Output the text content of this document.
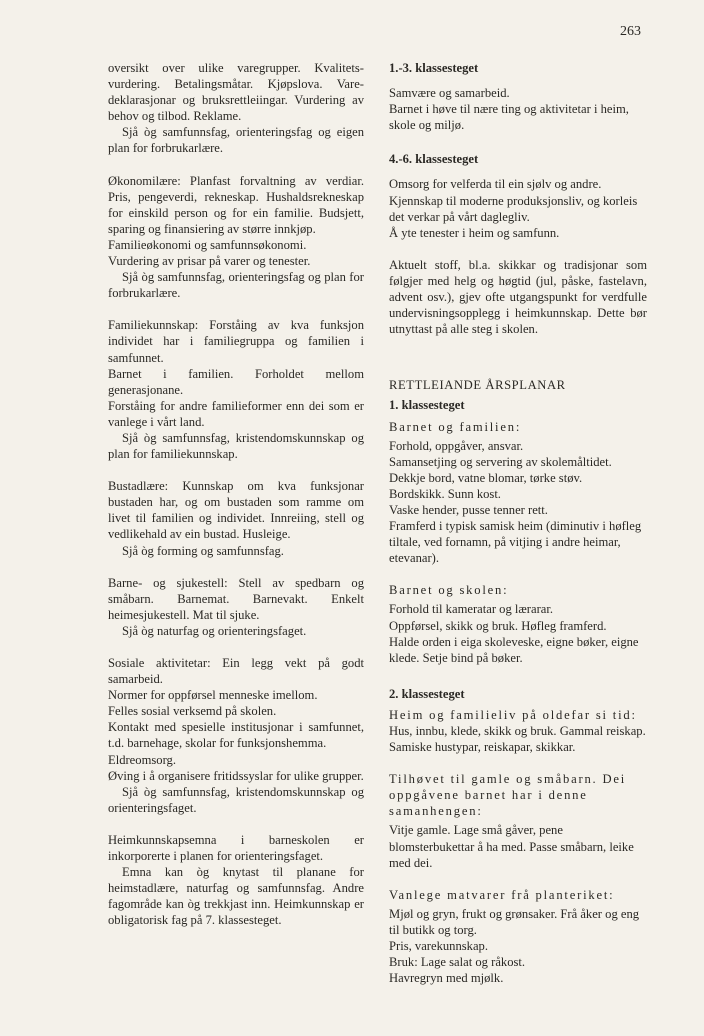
263

oversikt over ulike varegrupper. Kvalitets-vurdering. Betalingsmåtar. Kjøpslova. Vare-deklarasjonar og bruksrettleiingar. Vurdering av behov og tilbod. Reklame.

Sjå òg samfunnsfag, orienteringsfag og eigen plan for forbrukarlære.

Økonomilære: Planfast forvaltning av verdiar. Pris, pengeverdi, rekneskap. Hushaldsrekneskap for einskild person og for ein familie. Budsjett, sparing og finansiering av større innkjøp.

Familieøkonomi og samfunnsøkonomi.

Vurdering av prisar på varer og tenester.

Sjå òg samfunnsfag, orienteringsfag og plan for forbrukarlære.

Familiekunnskap: Forståing av kva funksjon individet har i familiegruppa og familien i samfunnet.

Barnet i familien. Forholdet mellom generasjonane.

Forståing for andre familieformer enn dei som er vanlege i vårt land.

Sjå òg samfunnsfag, kristendomskunnskap og plan for familiekunnskap.

Bustadlære: Kunnskap om kva funksjonar bustaden har, og om bustaden som ramme om livet til familien og individet. Innreiing, stell og vedlikehald av ein bustad. Husleige.

Sjå òg forming og samfunnsfag.

Barne- og sjukestell: Stell av spedbarn og småbarn. Barnemat. Barnevakt. Enkelt heimesjukestell. Mat til sjuke.

Sjå òg naturfag og orienteringsfaget.

Sosiale aktivitetar: Ein legg vekt på godt samarbeid.

Normer for oppførsel menneske imellom.

Felles sosial verksemd på skolen.

Kontakt med spesielle institusjonar i samfunnet, t.d. barnehage, skolar for funksjonshemma.

Eldreomsorg.

Øving i å organisere fritidssyslar for ulike grupper.

Sjå òg samfunnsfag, kristendomskunnskap og orienteringsfaget.

Heimkunnskapsemna i barneskolen er inkorporerte i planen for orienteringsfaget.

Emna kan òg knytast til planane for heimstadlære, naturfag og samfunnsfag. Andre fagområde kan òg trekkjast inn. Heimkunnskap er obligatorisk fag på 7. klassesteget.

1.-3. klassesteget

Samvære og samarbeid.

Barnet i høve til nære ting og aktivitetar i heim, skole og miljø.

4.-6. klassesteget

Omsorg for velferda til ein sjølv og andre.

Kjennskap til moderne produksjonsliv, og korleis det verkar på vårt daglegliv.

Å yte tenester i heim og samfunn.

Aktuelt stoff, bl.a. skikkar og tradisjonar som følgjer med helg og høgtid (jul, påske, fastelavn, advent osv.), gjev ofte utgangspunkt for verdfulle undervisningsopplegg i heimkunnskap. Dette bør utnyttast på alle steg i skolen.

RETTLEIANDE ÅRSPLANAR
1. klassesteget
Barnet og familien:

Forhold, oppgåver, ansvar.

Samansetjing og servering av skolemåltidet.

Dekkje bord, vatne blomar, tørke støv.

Bordskikk. Sunn kost.

Vaske hender, pusse tenner rett.

Framferd i typisk samisk heim (diminutiv i høfleg tiltale, ved fornamn, på vitjing i andre heimar, etevanar).

Barnet og skolen:

Forhold til kameratar og lærarar.

Oppførsel, skikk og bruk. Høfleg framferd.

Halde orden i eiga skoleveske, eigne bøker, eigne klede. Setje bind på bøker.

2. klassesteget
Heim og familieliv på oldefar si tid:

Hus, innbu, klede, skikk og bruk. Gammal reiskap. Samiske hustypar, reiskapar, skikkar.

Tilhøvet til gamle og småbarn. Dei oppgåvene barnet har i denne samanhengen:

Vitje gamle. Lage små gåver, pene blomsterbukettar å ha med. Passe småbarn, leike med dei.

Vanlege matvarer frå planteriket:

Mjøl og gryn, frukt og grønsaker. Frå åker og eng til butikk og torg.

Pris, varekunnskap.

Bruk: Lage salat og råkost.

Havregryn med mjølk.
